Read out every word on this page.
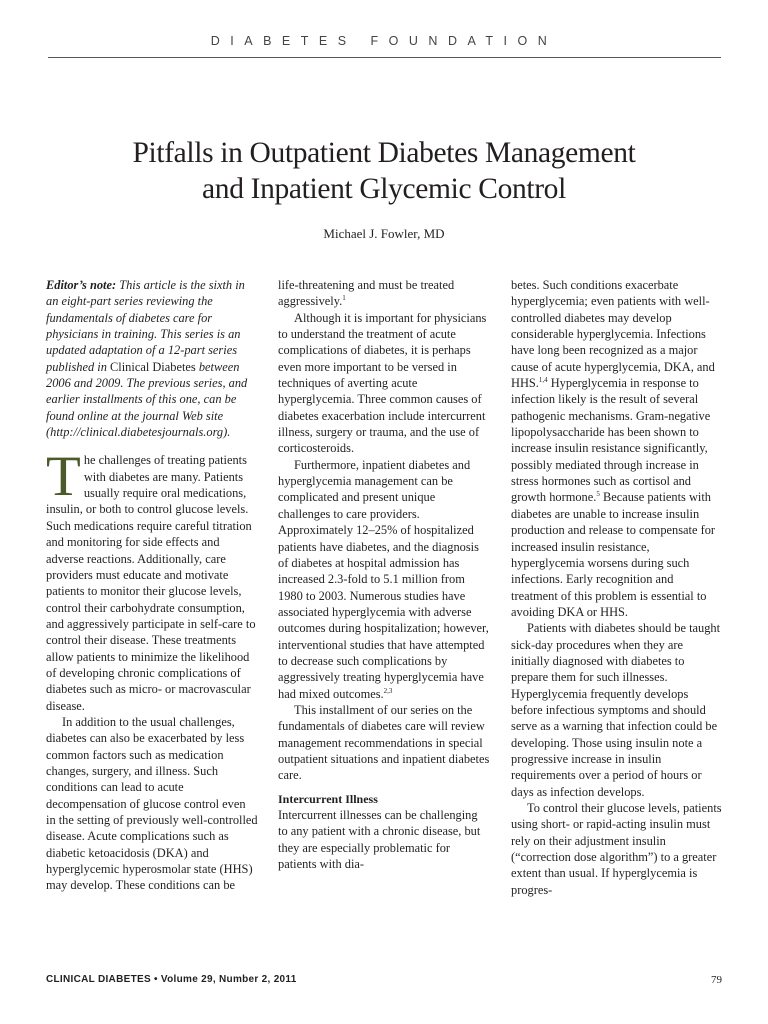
DIABETES FOUNDATION
Pitfalls in Outpatient Diabetes Management
and Inpatient Glycemic Control
Michael J. Fowler, MD

Editor’s note: This article is the sixth in an eight-part series reviewing the fundamentals of diabetes care for physicians in training. This series is an updated adaptation of a 12-part series published in Clinical Diabetes between 2006 and 2009. The previous series, and earlier installments of this one, can be found online at the journal Web site (http://clinical.diabetesjournals.org).

The challenges of treating patients with diabetes are many. Patients usually require oral medications, insulin, or both to control glucose levels. Such medications require careful titration and monitoring for side effects and adverse reactions. Additionally, care providers must educate and motivate patients to monitor their glucose levels, control their carbohydrate consumption, and aggressively participate in self-care to control their disease. These treatments allow patients to minimize the likelihood of developing chronic complications of diabetes such as micro- or macrovascular disease.

In addition to the usual challenges, diabetes can also be exacerbated by less common factors such as medication changes, surgery, and illness. Such conditions can lead to acute decompensation of glucose control even in the setting of previously well-controlled disease. Acute complications such as diabetic ketoacidosis (DKA) and hyperglycemic hyperosmolar state (HHS) may develop. These conditions can be

life-threatening and must be treated aggressively.$^1$

Although it is important for physicians to understand the treatment of acute complications of diabetes, it is perhaps even more important to be versed in techniques of averting acute hyperglycemia. Three common causes of diabetes exacerbation include intercurrent illness, surgery or trauma, and the use of corticosteroids.

Furthermore, inpatient diabetes and hyperglycemia management can be complicated and present unique challenges to care providers. Approximately 12–25% of hospitalized patients have diabetes, and the diagnosis of diabetes at hospital admission has increased 2.3-fold to 5.1 million from 1980 to 2003. Numerous studies have associated hyperglycemia with adverse outcomes during hospitalization; however, interventional studies that have attempted to decrease such complications by aggressively treating hyperglycemia have had mixed outcomes.$^{2,3}$

This installment of our series on the fundamentals of diabetes care will review management recommendations in special outpatient situations and inpatient diabetes care.

Intercurrent Illness

Intercurrent illnesses can be challenging to any patient with a chronic disease, but they are especially problematic for patients with dia-

betes. Such conditions exacerbate hyperglycemia; even patients with well-controlled diabetes may develop considerable hyperglycemia. Infections have long been recognized as a major cause of acute hyperglycemia, DKA, and HHS.$^{1,4}$ Hyperglycemia in response to infection likely is the result of several pathogenic mechanisms. Gram-negative lipopolysaccharide has been shown to increase insulin resistance significantly, possibly mediated through increase in stress hormones such as cortisol and growth hormone.$^5$ Because patients with diabetes are unable to increase insulin production and release to compensate for increased insulin resistance, hyperglycemia worsens during such infections. Early recognition and treatment of this problem is essential to avoiding DKA or HHS.

Patients with diabetes should be taught sick-day procedures when they are initially diagnosed with diabetes to prepare them for such illnesses. Hyperglycemia frequently develops before infectious symptoms and should serve as a warning that infection could be developing. Those using insulin note a progressive increase in insulin requirements over a period of hours or days as infection develops.

To control their glucose levels, patients using short- or rapid-acting insulin must rely on their adjustment insulin (“correction dose algorithm”) to a greater extent than usual. If hyperglycemia is progres-

CLINICAL DIABETES • Volume 29, Number 2, 2011	79
